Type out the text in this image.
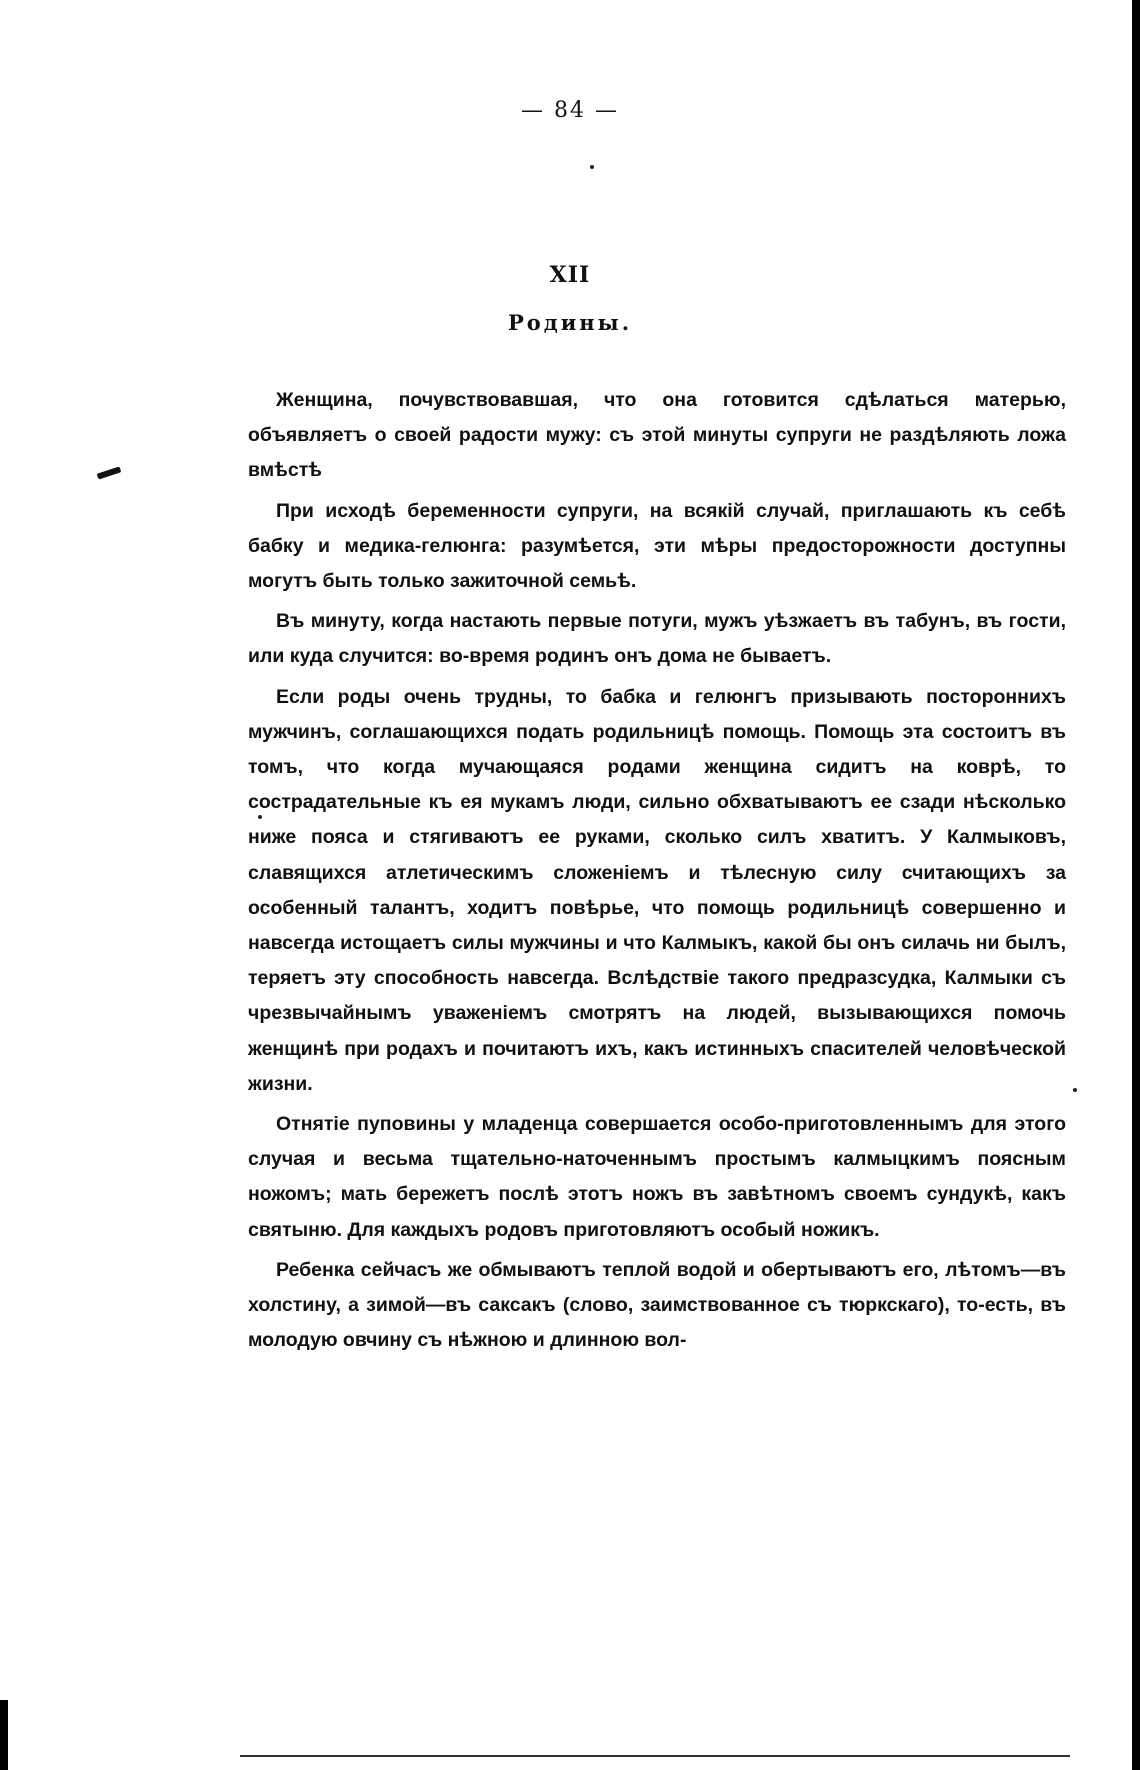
— 84 —
XII
Родины.

Женщина, почувствовавшая, что она готовится сдѣлаться матерью, объявляетъ о своей радости мужу: съ этой минуты супруги не раздѣляють ложа вмѣстѣ

При исходѣ беременности супруги, на всякій случай, приглашають къ себѣ бабку и медика-гелюнга: разумѣется, эти мѣры предосторожности доступны могутъ быть только зажиточной семьѣ.

Въ минуту, когда настають первые потуги, мужъ уѣзжаетъ въ табунъ, въ гости, или куда случится: во-время родинъ онъ дома не бываетъ.

Если роды очень трудны, то бабка и гелюнгъ призывають постороннихъ мужчинъ, соглашающихся подать родильницѣ помощь. Помощь эта состоитъ въ томъ, что когда мучающаяся родами женщина сидитъ на коврѣ, то сострадательные къ ея мукамъ люди, сильно обхватываютъ ее сзади нѣсколько ниже пояса и стягиваютъ ее руками, сколько силъ хватитъ. У Калмыковъ, славящихся атлетическимъ сложеніемъ и тѣлесную силу считающихъ за особенный талантъ, ходитъ повѣрье, что помощь родильницѣ совершенно и навсегда истощаетъ силы мужчины и что Калмыкъ, какой бы онъ силачь ни былъ, теряетъ эту способность навсегда. Вслѣдствіе такого предразсудка, Калмыки съ чрезвычайнымъ уваженіемъ смотрятъ на людей, вызывающихся помочь женщинѣ при родахъ и почитаютъ ихъ, какъ истинныхъ спасителей человѣческой жизни.

Отнятіе пуповины у младенца совершается особо-приготовленнымъ для этого случая и весьма тщательно-наточеннымъ простымъ калмыцкимъ поясным ножомъ; мать бережетъ послѣ этотъ ножъ въ завѣтномъ своемъ сундукѣ, какъ святыню. Для каждыхъ родовъ приготовляютъ особый ножикъ.

Ребенка сейчасъ же обмываютъ теплой водой и обертываютъ его, лѣтомъ—въ холстину, а зимой—въ саксакъ (слово, заимствованное съ тюркскаго), то-есть, въ молодую овчину съ нѣжною и длинною вол-
